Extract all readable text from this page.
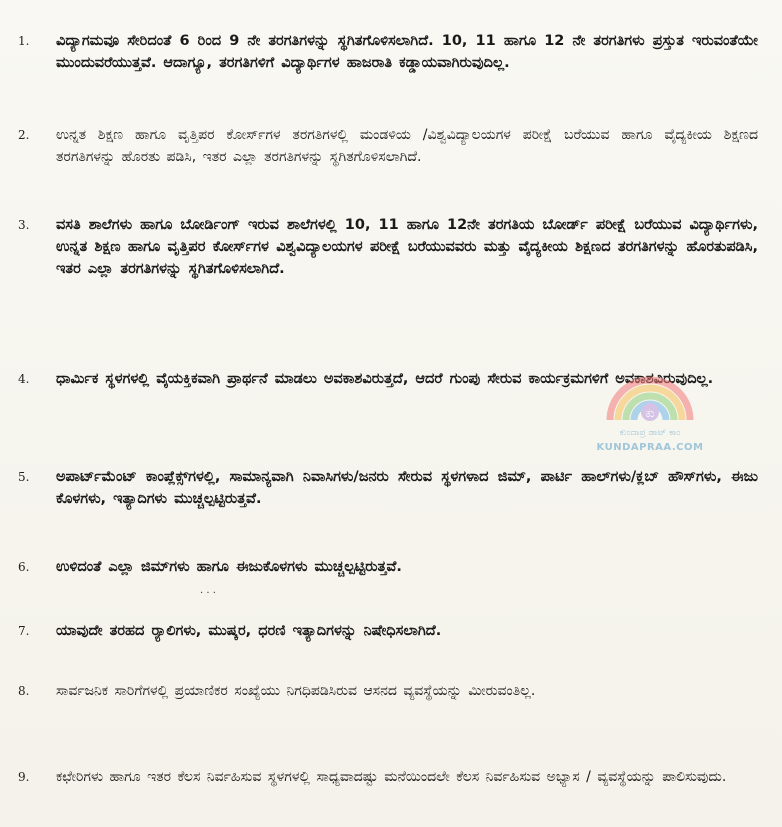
1.	ವಿದ್ಯಾಗಮವೂ ಸೇರಿದಂತೆ 6 ರಿಂದ 9 ನೇ ತರಗತಿಗಳನ್ನು ಸ್ಥಗಿತಗೊಳಿಸಲಾಗಿದೆ. 10, 11 ಹಾಗೂ 12 ನೇ ತರಗತಿಗಳು ಪ್ರಸ್ತುತ ಇರುವಂತೆಯೇ ಮುಂದುವರೆಯುತ್ತವೆ. ಆದಾಗ್ಯೂ, ತರಗತಿಗಳಿಗೆ ವಿದ್ಯಾರ್ಥಿಗಳ ಹಾಜರಾತಿ ಕಡ್ಡಾಯವಾಗಿರುವುದಿಲ್ಲ.
2.	ಉನ್ನತ ಶಿಕ್ಷಣ ಹಾಗೂ ವೃತ್ತಿಪರ ಕೋರ್ಸ್‌ಗಳ ತರಗತಿಗಳಲ್ಲಿ ಮಂಡಳಿಯ /ವಿಶ್ವವಿದ್ಯಾಲಯಗಳ ಪರೀಕ್ಷೆ ಬರೆಯುವ ಹಾಗೂ ವೈದ್ಯಕೀಯ ಶಿಕ್ಷಣದ ತರಗತಿಗಳನ್ನು ಹೊರತು ಪಡಿಸಿ, ಇತರ ಎಲ್ಲಾ ತರಗತಿಗಳನ್ನು ಸ್ಥಗಿತಗೊಳಿಸಲಾಗಿದೆ.
3.	ವಸತಿ ಶಾಲೆಗಳು ಹಾಗೂ ಬೋರ್ಡಿಂಗ್ ಇರುವ ಶಾಲೆಗಳಲ್ಲಿ 10, 11 ಹಾಗೂ 12ನೇ ತರಗತಿಯ ಬೋರ್ಡ್ ಪರೀಕ್ಷೆ ಬರೆಯುವ ವಿದ್ಯಾರ್ಥಿಗಳು, ಉನ್ನತ ಶಿಕ್ಷಣ ಹಾಗೂ ವೃತ್ತಿಪರ ಕೋರ್ಸ್‌ಗಳ ವಿಶ್ವವಿದ್ಯಾಲಯಗಳ ಪರೀಕ್ಷೆ ಬರೆಯುವವರು ಮತ್ತು ವೈದ್ಯಕೀಯ ಶಿಕ್ಷಣದ ತರಗತಿಗಳನ್ನು ಹೊರತುಪಡಿಸಿ, ಇತರ ಎಲ್ಲಾ ತರಗತಿಗಳನ್ನು ಸ್ಥಗಿತಗೊಳಿಸಲಾಗಿದೆ.
4.	ಧಾರ್ಮಿಕ ಸ್ಥಳಗಳಲ್ಲಿ ವೈಯಕ್ತಿಕವಾಗಿ ಪ್ರಾರ್ಥನೆ ಮಾಡಲು ಅವಕಾಶವಿರುತ್ತದೆ, ಆದರೆ ಗುಂಪು ಸೇರುವ ಕಾರ್ಯಕ್ರಮಗಳಿಗೆ ಅವಕಾಶವಿರುವುದಿಲ್ಲ.
5.	ಅಪಾರ್ಟ್‌ಮೆಂಟ್ ಕಾಂಪ್ಲೆಕ್ಸ್‌ಗಳಲ್ಲಿ, ಸಾಮಾನ್ಯವಾಗಿ ನಿವಾಸಿಗಳು/ಜನರು ಸೇರುವ ಸ್ಥಳಗಳಾದ ಜಿಮ್, ಪಾರ್ಟಿ ಹಾಲ್‌ಗಳು/ಕ್ಲಬ್ ಹೌಸ್‌ಗಳು, ಈಜು ಕೊಳಗಳು, ಇತ್ಯಾದಿಗಳು ಮುಚ್ಚಲ್ಪಟ್ಟಿರುತ್ತವೆ.
6.	ಉಳಿದಂತೆ ಎಲ್ಲಾ ಜಿಮ್‌ಗಳು ಹಾಗೂ ಈಜುಕೊಳಗಳು ಮುಚ್ಚಲ್ಪಟ್ಟಿರುತ್ತವೆ.
7.	ಯಾವುದೇ ತರಹದ ರ‍್ಯಾಲಿಗಳು, ಮುಷ್ಕರ, ಧರಣಿ ಇತ್ಯಾದಿಗಳನ್ನು ನಿಷೇಧಿಸಲಾಗಿದೆ.
8.	ಸಾರ್ವಜನಿಕ ಸಾರಿಗೆಗಳಲ್ಲಿ ಪ್ರಯಾಣಿಕರ ಸಂಖ್ಯೆಯು ನಿಗಧಿಪಡಿಸಿರುವ ಆಸನದ ವ್ಯವಸ್ಥೆಯನ್ನು ಮೀರುವಂತಿಲ್ಲ.
9.	ಕಛೇರಿಗಳು ಹಾಗೂ ಇತರ ಕೆಲಸ ನಿರ್ವಹಿಸುವ ಸ್ಥಳಗಳಲ್ಲಿ ಸಾಧ್ಯವಾದಷ್ಟು ಮನೆಯಿಂದಲೇ ಕೆಲಸ ನಿರ್ವಹಿಸುವ ಅಭ್ಯಾಸ / ವ್ಯವಸ್ಥೆಯನ್ನು ಪಾಲಿಸುವುದು.
· · ·
ಕು
ಕುಂದಾಪ್ರ ಡಾಟ್ ಕಾಂ
KUNDAPRAA.COM
